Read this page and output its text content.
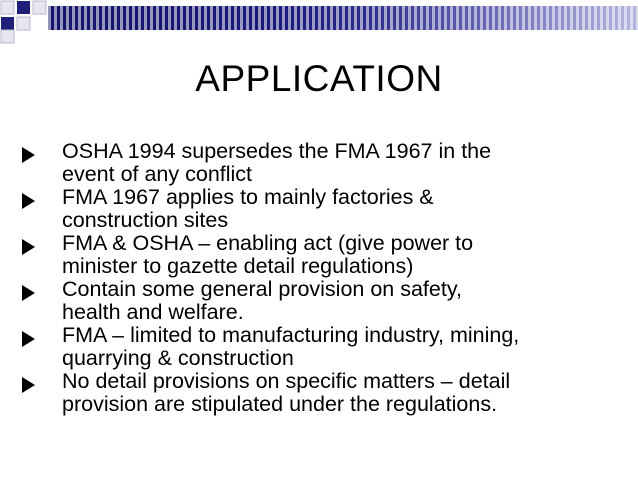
APPLICATION
OSHA 1994 supersedes the FMA 1967 in the
event of any conflict
FMA 1967 applies to mainly factories &
construction sites
FMA & OSHA – enabling act (give power to
minister to gazette detail regulations)
Contain some general provision on safety,
health and welfare.
FMA – limited to manufacturing industry, mining,
quarrying & construction
No detail provisions on specific matters – detail
provision are stipulated under the regulations.
